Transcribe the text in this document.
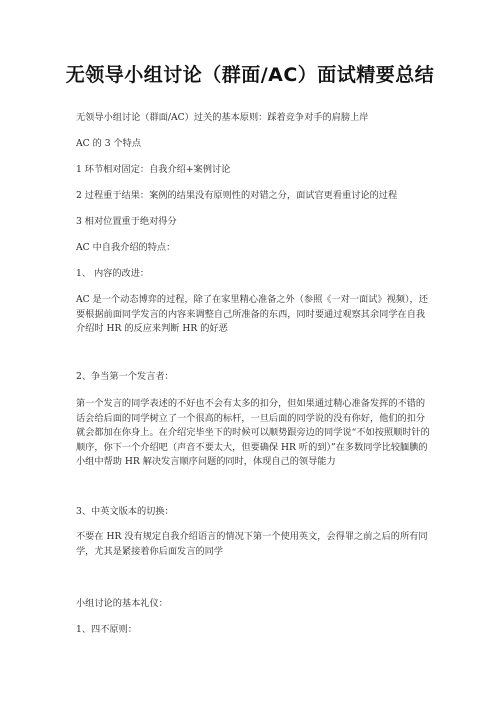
无领导小组讨论（群面/AC）面试精要总结
无领导小组讨论（群面/AC）过关的基本原则：踩着竞争对手的肩膀上岸
AC 的 3 个特点
1 环节相对固定：自我介绍+案例讨论
2 过程重于结果：案例的结果没有原则性的对错之分，面试官更看重讨论的过程
3 相对位置重于绝对得分
AC 中自我介绍的特点：
1、 内容的改进：
AC 是一个动态博弈的过程，除了在家里精心准备之外（参照《一对一面试》视频），还要根据前面同学发言的内容来调整自己所准备的东西，同时要通过观察其余同学在自我介绍时 HR 的反应来判断 HR 的好恶
2、争当第一个发言者：
第一个发言的同学表述的不好也不会有太多的扣分，但如果通过精心准备发挥的不错的话会给后面的同学树立了一个很高的标杆，一旦后面的同学说的没有你好，他们的扣分就会都加在你身上。在介绍完毕坐下的时候可以顺势跟旁边的同学说“不如按照顺时针的顺序，你下一个介绍吧（声音不要太大，但要确保 HR 听的到）”在多数同学比较腼腆的小组中帮助 HR 解决发言顺序问题的同时，体现自己的领导能力
3、中英文版本的切换：
不要在 HR 没有规定自我介绍语言的情况下第一个使用英文，会得罪之前之后的所有同学，尤其是紧接着你后面发言的同学
小组讨论的基本礼仪：
1、四不原则：
